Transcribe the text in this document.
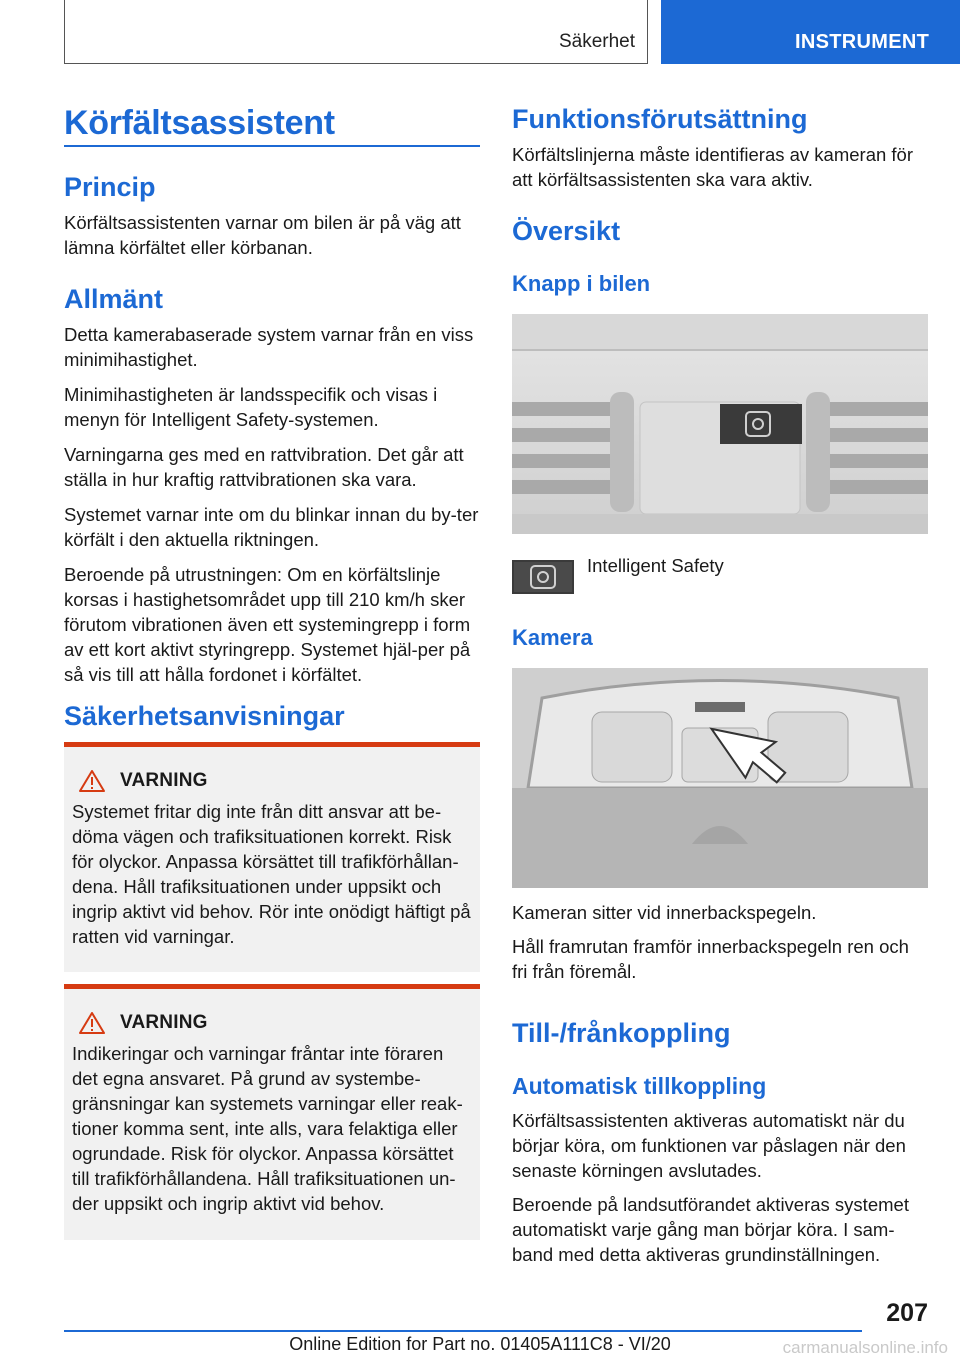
Säkerhet	INSTRUMENT
Körfältsassistent
Princip

Körfältsassistenten varnar om bilen är på väg att lämna körfältet eller körbanan.

Allmänt

Detta kamerabaserade system varnar från en viss minimihastighet.

Minimihastigheten är landsspecifik och visas i menyn för Intelligent Safety-systemen.

Varningarna ges med en rattvibration. Det går att ställa in hur kraftig rattvibrationen ska vara.

Systemet varnar inte om du blinkar innan du by-ter körfält i den aktuella riktningen.

Beroende på utrustningen: Om en körfältslinje korsas i hastighetsområdet upp till 210 km/h sker förutom vibrationen även ett systemingrepp i form av ett kort aktivt styringrepp. Systemet hjäl-per på så vis till att hålla fordonet i körfältet.

Säkerhetsanvisningar
VARNING

Systemet fritar dig inte från ditt ansvar att be-döma vägen och trafiksituationen korrekt. Risk för olyckor. Anpassa körsättet till trafikförhållan-dena. Håll trafiksituationen under uppsikt och ingrip aktivt vid behov. Rör inte onödigt häftigt på ratten vid varningar.

VARNING

Indikeringar och varningar fråntar inte föraren det egna ansvaret. På grund av systembe-gränsningar kan systemets varningar eller reak-tioner komma sent, inte alls, vara felaktiga eller ogrundade. Risk för olyckor. Anpassa körsättet till trafikförhållandena. Håll trafiksituationen un-der uppsikt och ingrip aktivt vid behov.

Funktionsförutsättning

Körfältslinjerna måste identifieras av kameran för att körfältsassistenten ska vara aktiv.

Översikt
Knapp i bilen

Intelligent Safety

Kamera

Kameran sitter vid innerbackspegeln.

Håll framrutan framför innerbackspegeln ren och fri från föremål.

Till-/frånkoppling
Automatisk tillkoppling

Körfältsassistenten aktiveras automatiskt när du börjar köra, om funktionen var påslagen när den senaste körningen avslutades.

Beroende på landsutförandet aktiveras systemet automatiskt varje gång man börjar köra. I sam-band med detta aktiveras grundinställningen.

207
Online Edition for Part no. 01405A111C8 - VI/20	carmanualsonline.info
